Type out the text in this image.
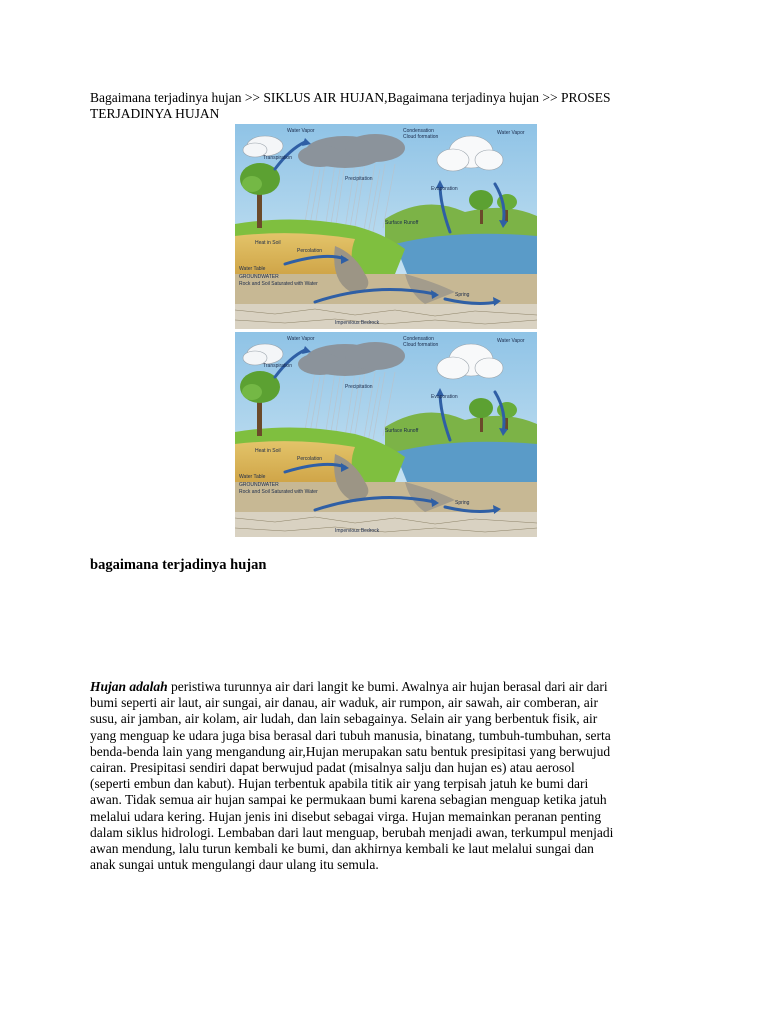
Bagaimana terjadinya hujan >> SIKLUS AIR HUJAN,Bagaimana terjadinya hujan >> PROSES TERJADINYA HUJAN
Water Vapor	Condensation
Cloud formation
Water Vapor
Transpiration
Precipitation
Evaporation
Surface Runoff
Percolation
Heat in Soil
Water Table
GROUNDWATER
Rock and Soil Saturated with Water
Spring
Impervious Bedrock
Water Vapor	Condensation
Cloud formation
Water Vapor
Transpiration
Precipitation
Evaporation
Surface Runoff
Percolation
Heat in Soil
Water Table
GROUNDWATER
Rock and Soil Saturated with Water
Spring
Impervious Bedrock
bagaimana terjadinya hujan
Hujan adalah peristiwa turunnya air dari langit ke bumi. Awalnya air hujan berasal dari air dari
bumi seperti air laut, air sungai, air danau, air waduk, air rumpon, air sawah, air comberan, air
susu, air jamban, air kolam, air ludah, dan lain sebagainya. Selain air yang berbentuk fisik, air
yang menguap ke udara juga bisa berasal dari tubuh manusia, binatang, tumbuh-tumbuhan, serta
benda-benda lain yang mengandung air,Hujan merupakan satu bentuk presipitasi yang berwujud
cairan. Presipitasi sendiri dapat berwujud padat (misalnya salju dan hujan es) atau aerosol
(seperti embun dan kabut). Hujan terbentuk apabila titik air yang terpisah jatuh ke bumi dari
awan. Tidak semua air hujan sampai ke permukaan bumi karena sebagian menguap ketika jatuh
melalui udara kering. Hujan jenis ini disebut sebagai virga. Hujan memainkan peranan penting
dalam siklus hidrologi. Lembaban dari laut menguap, berubah menjadi awan, terkumpul menjadi
awan mendung, lalu turun kembali ke bumi, dan akhirnya kembali ke laut melalui sungai dan
anak sungai untuk mengulangi daur ulang itu semula.
